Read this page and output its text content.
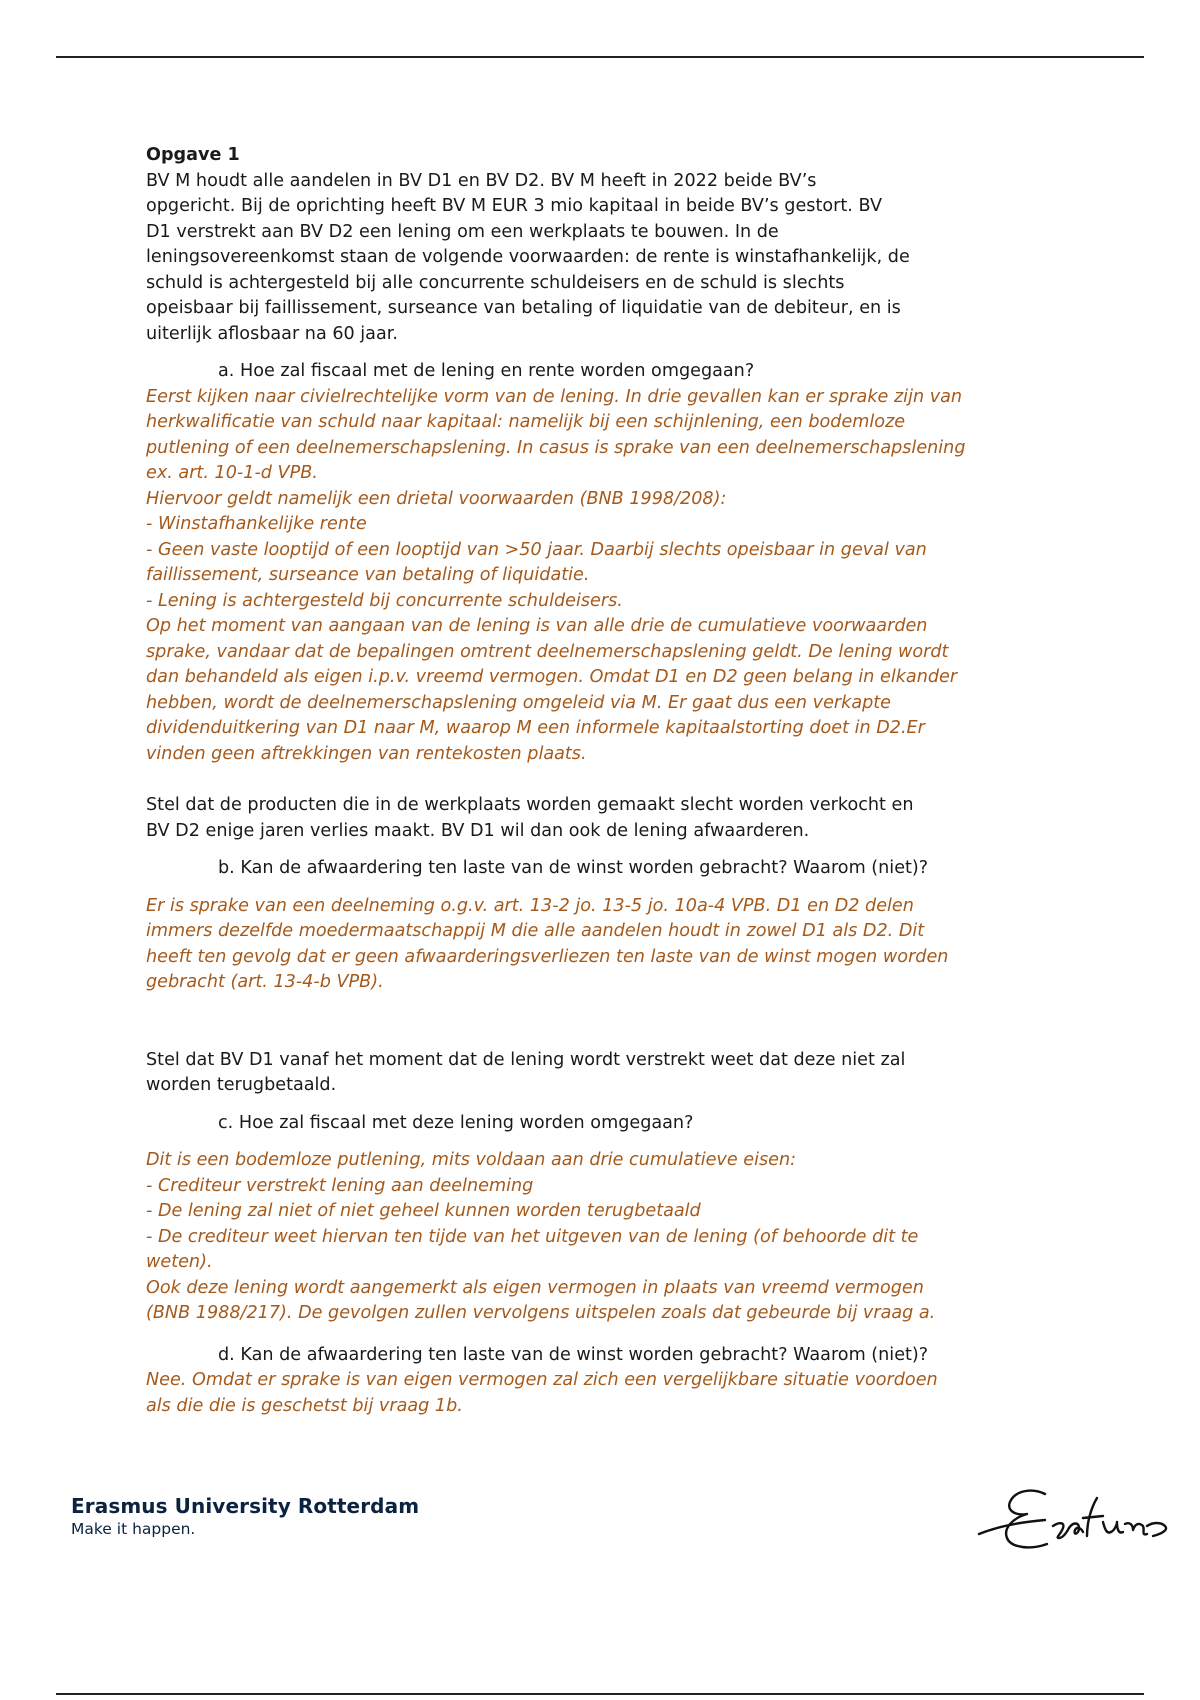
Opgave 1

BV M houdt alle aandelen in BV D1 en BV D2. BV M heeft in 2022 beide BV’s

opgericht. Bij de oprichting heeft BV M EUR 3 mio kapitaal in beide BV’s gestort. BV

D1 verstrekt aan BV D2 een lening om een werkplaats te bouwen. In de

leningsovereenkomst staan de volgende voorwaarden: de rente is winstafhankelijk, de

schuld is achtergesteld bij alle concurrente schuldeisers en de schuld is slechts

opeisbaar bij faillissement, surseance van betaling of liquidatie van de debiteur, en is

uiterlijk aflosbaar na 60 jaar.

a. Hoe zal fiscaal met de lening en rente worden omgegaan?

Eerst kijken naar civielrechtelijke vorm van de lening. In drie gevallen kan er sprake zijn van

herkwalificatie van schuld naar kapitaal: namelijk bij een schijnlening, een bodemloze

putlening of een deelnemerschapslening. In casus is sprake van een deelnemerschapslening

ex. art. 10-1-d VPB.

Hiervoor geldt namelijk een drietal voorwaarden (BNB 1998/208):

- Winstafhankelijke rente

- Geen vaste looptijd of een looptijd van >50 jaar. Daarbij slechts opeisbaar in geval van

faillissement, surseance van betaling of liquidatie.

- Lening is achtergesteld bij concurrente schuldeisers.

Op het moment van aangaan van de lening is van alle drie de cumulatieve voorwaarden

sprake, vandaar dat de bepalingen omtrent deelnemerschapslening geldt. De lening wordt

dan behandeld als eigen i.p.v. vreemd vermogen. Omdat D1 en D2 geen belang in elkander

hebben, wordt de deelnemerschapslening omgeleid via M. Er gaat dus een verkapte

dividenduitkering van D1 naar M, waarop M een informele kapitaalstorting doet in D2.Er

vinden geen aftrekkingen van rentekosten plaats.

Stel dat de producten die in de werkplaats worden gemaakt slecht worden verkocht en

BV D2 enige jaren verlies maakt. BV D1 wil dan ook de lening afwaarderen.

b. Kan de afwaardering ten laste van de winst worden gebracht? Waarom (niet)?

Er is sprake van een deelneming o.g.v. art. 13-2 jo. 13-5 jo. 10a-4 VPB. D1 en D2 delen

immers dezelfde moedermaatschappij M die alle aandelen houdt in zowel D1 als D2. Dit

heeft ten gevolg dat er geen afwaarderingsverliezen ten laste van de winst mogen worden

gebracht (art. 13-4-b VPB).

Stel dat BV D1 vanaf het moment dat de lening wordt verstrekt weet dat deze niet zal

worden terugbetaald.

c. Hoe zal fiscaal met deze lening worden omgegaan?

Dit is een bodemloze putlening, mits voldaan aan drie cumulatieve eisen:

- Crediteur verstrekt lening aan deelneming

- De lening zal niet of niet geheel kunnen worden terugbetaald

- De crediteur weet hiervan ten tijde van het uitgeven van de lening (of behoorde dit te

weten).

Ook deze lening wordt aangemerkt als eigen vermogen in plaats van vreemd vermogen

(BNB 1988/217). De gevolgen zullen vervolgens uitspelen zoals dat gebeurde bij vraag a.

d. Kan de afwaardering ten laste van de winst worden gebracht? Waarom (niet)?

Nee. Omdat er sprake is van eigen vermogen zal zich een vergelijkbare situatie voordoen

als die die is geschetst bij vraag 1b.

Erasmus University Rotterdam
Make it happen.
